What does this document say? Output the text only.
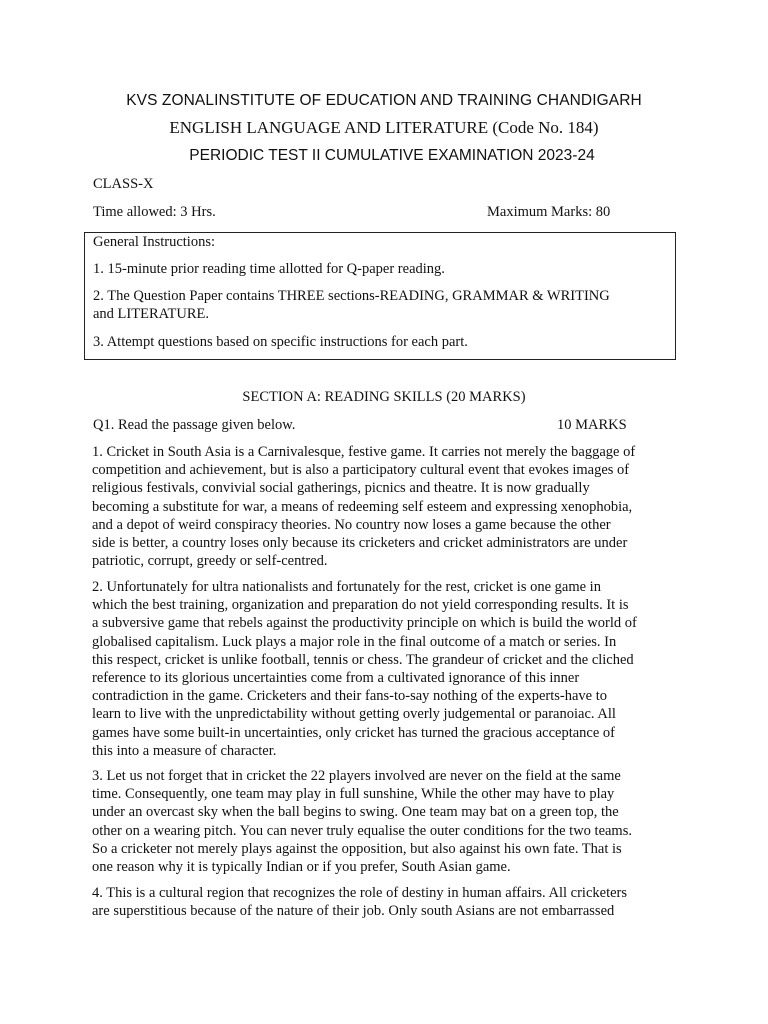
KVS ZONALINSTITUTE OF EDUCATION AND TRAINING CHANDIGARH
ENGLISH LANGUAGE AND LITERATURE (Code No. 184)
PERIODIC TEST II CUMULATIVE EXAMINATION 2023-24
CLASS-X
Time allowed: 3 Hrs.	Maximum Marks: 80
General Instructions:
1. 15-minute prior reading time allotted for Q-paper reading.
2. The Question Paper contains THREE sections-READING, GRAMMAR & WRITING
and LITERATURE.
3. Attempt questions based on specific instructions for each part.
SECTION A: READING SKILLS (20 MARKS)
Q1. Read the passage given below.	10 MARKS
1. Cricket in South Asia is a Carnivalesque, festive game. It carries not merely the baggage of
competition and achievement, but is also a participatory cultural event that evokes images of
religious festivals, convivial social gatherings, picnics and theatre. It is now gradually
becoming a substitute for war, a means of redeeming self esteem and expressing xenophobia,
and a depot of weird conspiracy theories. No country now loses a game because the other
side is better, a country loses only because its cricketers and cricket administrators are under
patriotic, corrupt, greedy or self-centred.
2. Unfortunately for ultra nationalists and fortunately for the rest, cricket is one game in
which the best training, organization and preparation do not yield corresponding results. It is
a subversive game that rebels against the productivity principle on which is build the world of
globalised capitalism. Luck plays a major role in the final outcome of a match or series. In
this respect, cricket is unlike football, tennis or chess. The grandeur of cricket and the cliched
reference to its glorious uncertainties come from a cultivated ignorance of this inner
contradiction in the game. Cricketers and their fans-to-say nothing of the experts-have to
learn to live with the unpredictability without getting overly judgemental or paranoiac. All
games have some built-in uncertainties, only cricket has turned the gracious acceptance of
this into a measure of character.
3. Let us not forget that in cricket the 22 players involved are never on the field at the same
time. Consequently, one team may play in full sunshine, While the other may have to play
under an overcast sky when the ball begins to swing. One team may bat on a green top, the
other on a wearing pitch. You can never truly equalise the outer conditions for the two teams.
So a cricketer not merely plays against the opposition, but also against his own fate. That is
one reason why it is typically Indian or if you prefer, South Asian game.
4. This is a cultural region that recognizes the role of destiny in human affairs. All cricketers
are superstitious because of the nature of their job. Only south Asians are not embarrassed
